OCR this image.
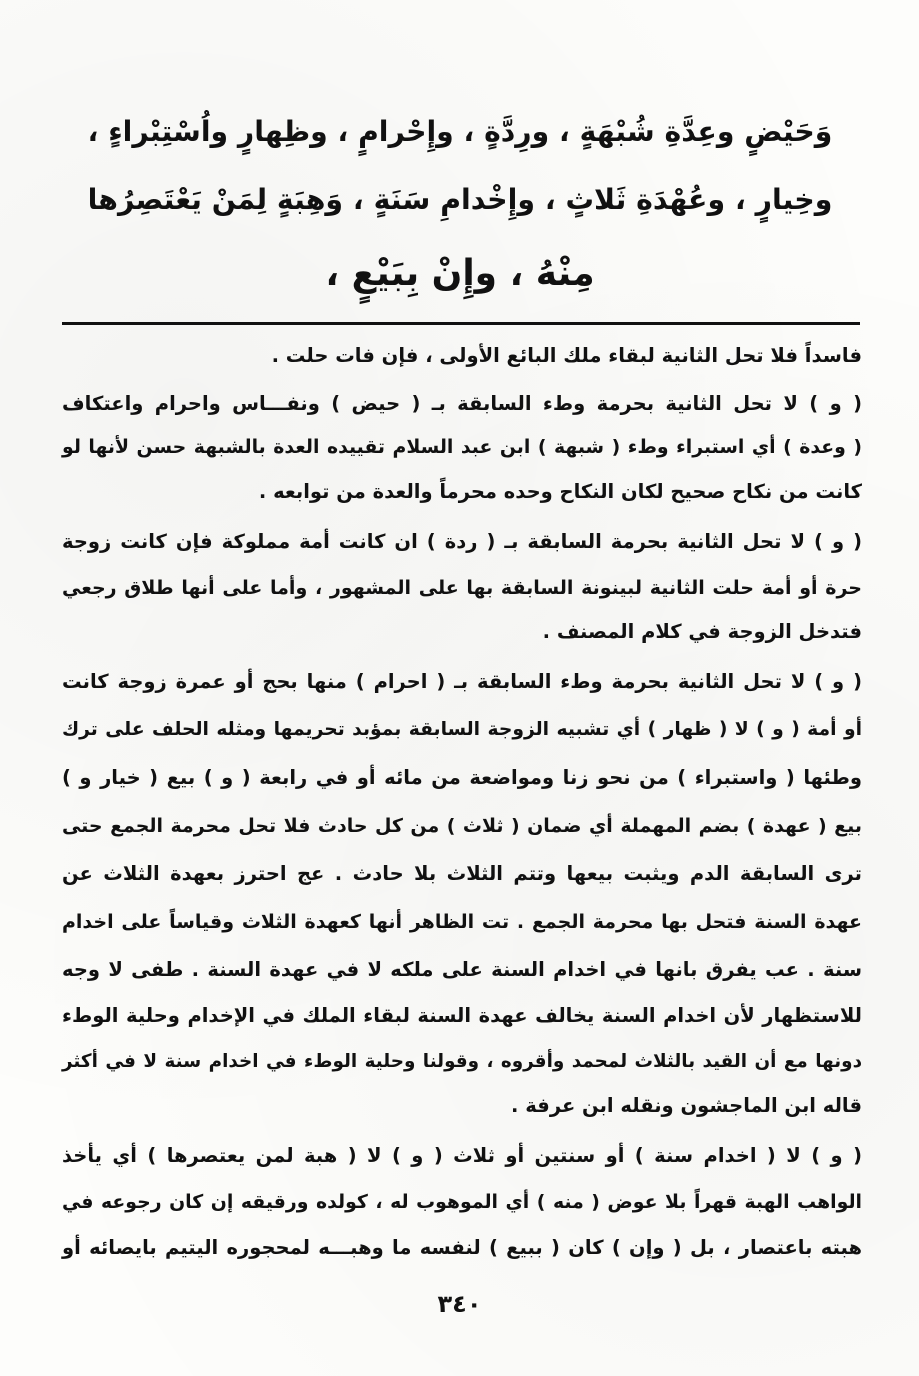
وَحَيْضٍ وعِدَّةِ شُبْهَةٍ ، ورِدَّةٍ ، وإِحْرامٍ ، وظِهارٍ واُسْتِبْراءٍ ،
وخِيارٍ ، وعُهْدَةِ ثَلاثٍ ، وإِخْدامِ سَنَةٍ ، وَهِبَةٍ لِمَنْ يَعْتَصِرُها
مِنْهُ ، وإِنْ بِبَيْعٍ ،
فاسداً فلا تحل الثانية لبقاء ملك البائع الأولى ، فإن فات حلت .
( و ) لا تحل الثانية بحرمة وطء السابقة بـ ( حيض ) ونفـــاس واحرام واعتكاف
( وعدة ) أي استبراء وطء ( شبهة ) ابن عبد السلام تقييده العدة بالشبهة حسن لأنها لو
كانت من نكاح صحيح لكان النكاح وحده محرماً والعدة من توابعه .
( و ) لا تحل الثانية بحرمة السابقة بـ ( ردة ) ان كانت أمة مملوكة فإن كانت زوجة
حرة أو أمة حلت الثانية لبينونة السابقة بها على المشهور ، وأما على أنها طلاق رجعي
فتدخل الزوجة في كلام المصنف .
( و ) لا تحل الثانية بحرمة وطء السابقة بـ ( احرام ) منها بحج أو عمرة زوجة كانت
أو أمة ( و ) لا ( ظهار ) أي تشبيه الزوجة السابقة بمؤبد تحريمها ومثله الحلف على ترك
وطئها ( واستبراء ) من نحو زنا ومواضعة من مائه أو في رابعة ( و ) بيع ( خيار و )
بيع ( عهدة ) بضم المهملة أي ضمان ( ثلاث ) من كل حادث فلا تحل محرمة الجمع حتى
ترى السابقة الدم ويثبت بيعها وتتم الثلاث بلا حادث . عج احترز بعهدة الثلاث عن
عهدة السنة فتحل بها محرمة الجمع . تت الظاهر أنها كعهدة الثلاث وقياساً على اخدام
سنة . عب يفرق بانها في اخدام السنة على ملكه لا في عهدة السنة . طفى لا وجه
للاستظهار لأن اخدام السنة يخالف عهدة السنة لبقاء الملك في الإخدام وحلية الوطء
دونها مع أن القيد بالثلاث لمحمد وأقروه ، وقولنا وحلية الوطء في اخدام سنة لا في أكثر
قاله ابن الماجشون ونقله ابن عرفة .
( و ) لا ( اخدام سنة ) أو سنتين أو ثلاث ( و ) لا ( هبة لمن يعتصرها ) أي يأخذ
الواهب الهبة قهراً بلا عوض ( منه ) أي الموهوب له ، كولده ورقيقه إن كان رجوعه في
هبته باعتصار ، بل ( وإن ) كان ( ببيع ) لنفسه ما وهبـــه لمحجوره اليتيم بايصائه أو
٣٤٠
